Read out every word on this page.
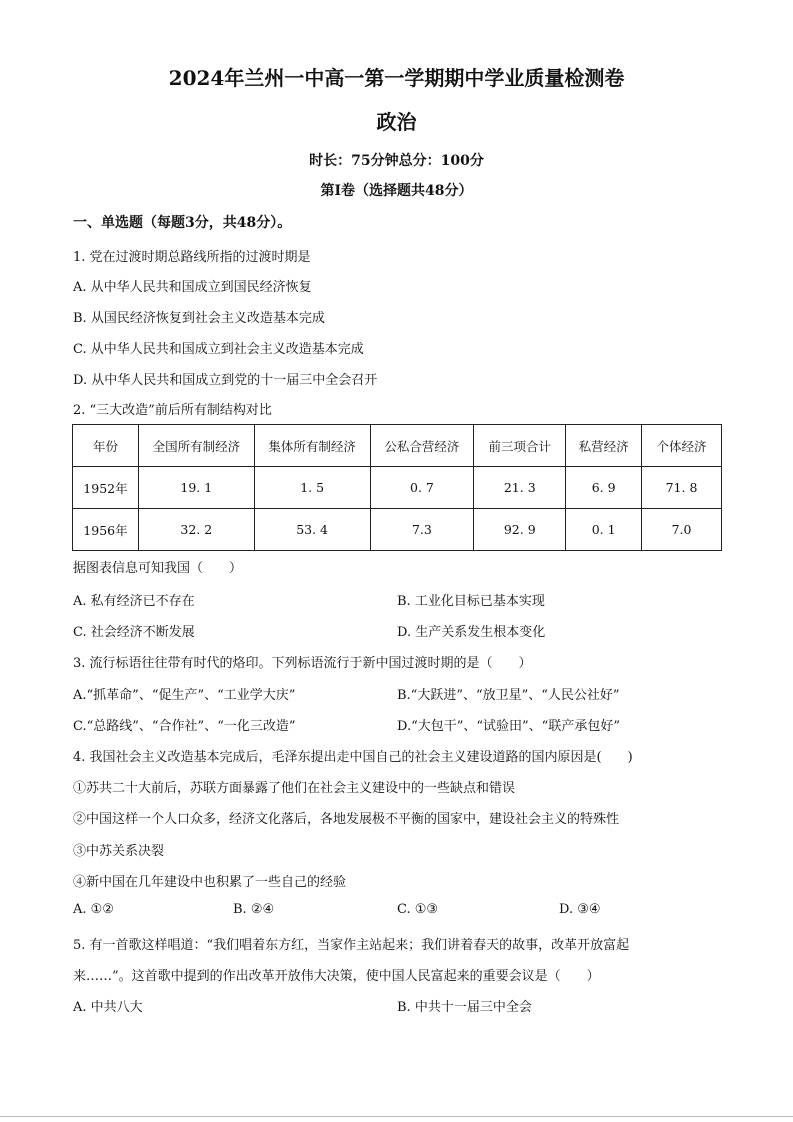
2024年兰州一中高一第一学期期中学业质量检测卷
政治
时长：75分钟总分：100分
第Ⅰ卷（选择题共48分）
一、单选题（每题3分，共48分）。
1. 党在过渡时期总路线所指的过渡时期是
A. 从中华人民共和国成立到国民经济恢复
B. 从国民经济恢复到社会主义改造基本完成
C. 从中华人民共和国成立到社会主义改造基本完成
D. 从中华人民共和国成立到党的十一届三中全会召开
2. “三大改造”前后所有制结构对比
年份	全国所有制经济	集体所有制经济	公私合营经济	前三项合计	私营经济	个体经济
1952年	19. 1	1. 5	0. 7	21. 3	6. 9	71. 8
1956年	32. 2	53. 4	7.3	92. 9	0. 1	7.0
据图表信息可知我国（　　）
A. 私有经济已不存在	B. 工业化目标已基本实现
C. 社会经济不断发展	D. 生产关系发生根本变化
3. 流行标语往往带有时代的烙印。下列标语流行于新中国过渡时期的是（　　）
A.“抓革命”、“促生产”、“工业学大庆”	B.“大跃进”、“放卫星”、“人民公社好”
C.“总路线”、“合作社”、“一化三改造”	D.“大包干”、“试验田”、“联产承包好”
4. 我国社会主义改造基本完成后，毛泽东提出走中国自己的社会主义建设道路的国内原因是(　　)
①苏共二十大前后，苏联方面暴露了他们在社会主义建设中的一些缺点和错误
②中国这样一个人口众多，经济文化落后，各地发展极不平衡的国家中，建设社会主义的特殊性
③中苏关系决裂
④新中国在几年建设中也积累了一些自己的经验
A. ①②	B. ②④	C. ①③	D. ③④
5. 有一首歌这样唱道：“我们唱着东方红，当家作主站起来；我们讲着春天的故事，改革开放富起
来……”。这首歌中提到的作出改革开放伟大决策，使中国人民富起来的重要会议是（　　）
A. 中共八大	B. 中共十一届三中全会
